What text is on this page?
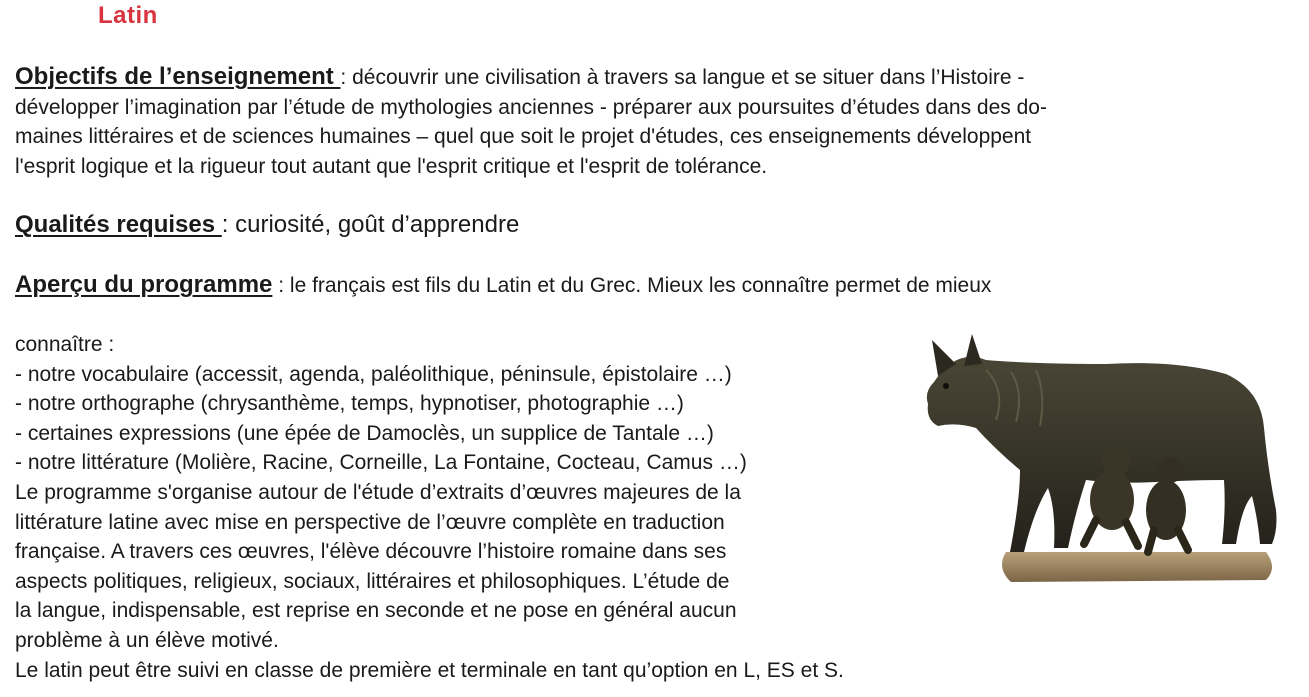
Latin
Objectifs de l’enseignement : découvrir une civilisation à travers sa langue et se situer dans l’Histoire -
développer l’imagination par l’étude de mythologies anciennes - préparer aux poursuites d’études dans des do-
maines littéraires et de sciences humaines – quel que soit le projet d'études, ces enseignements développent
l'esprit logique et la rigueur tout autant que l'esprit critique et l'esprit de tolérance.
Qualités requises : curiosité, goût d’apprendre
Aperçu du programme : le français est fils du Latin et du Grec. Mieux les connaître permet de mieux
connaître :
- notre vocabulaire (accessit, agenda, paléolithique, péninsule, épistolaire …)
- notre orthographe (chrysanthème, temps, hypnotiser, photographie …)
- certaines expressions (une épée de Damoclès, un supplice de Tantale …)
- notre littérature (Molière, Racine, Corneille, La Fontaine, Cocteau, Camus …)
Le programme s'organise autour de l'étude d’extraits d’œuvres majeures de la
littérature latine avec mise en perspective de l’œuvre complète en traduction
française. A travers ces œuvres, l'élève découvre l’histoire romaine dans ses
aspects politiques, religieux, sociaux, littéraires et philosophiques. L’étude de
la langue, indispensable, est reprise en seconde et ne pose en général aucun
problème à un élève motivé.
Le latin peut être suivi en classe de première et terminale en tant qu’option en L, ES et S.
